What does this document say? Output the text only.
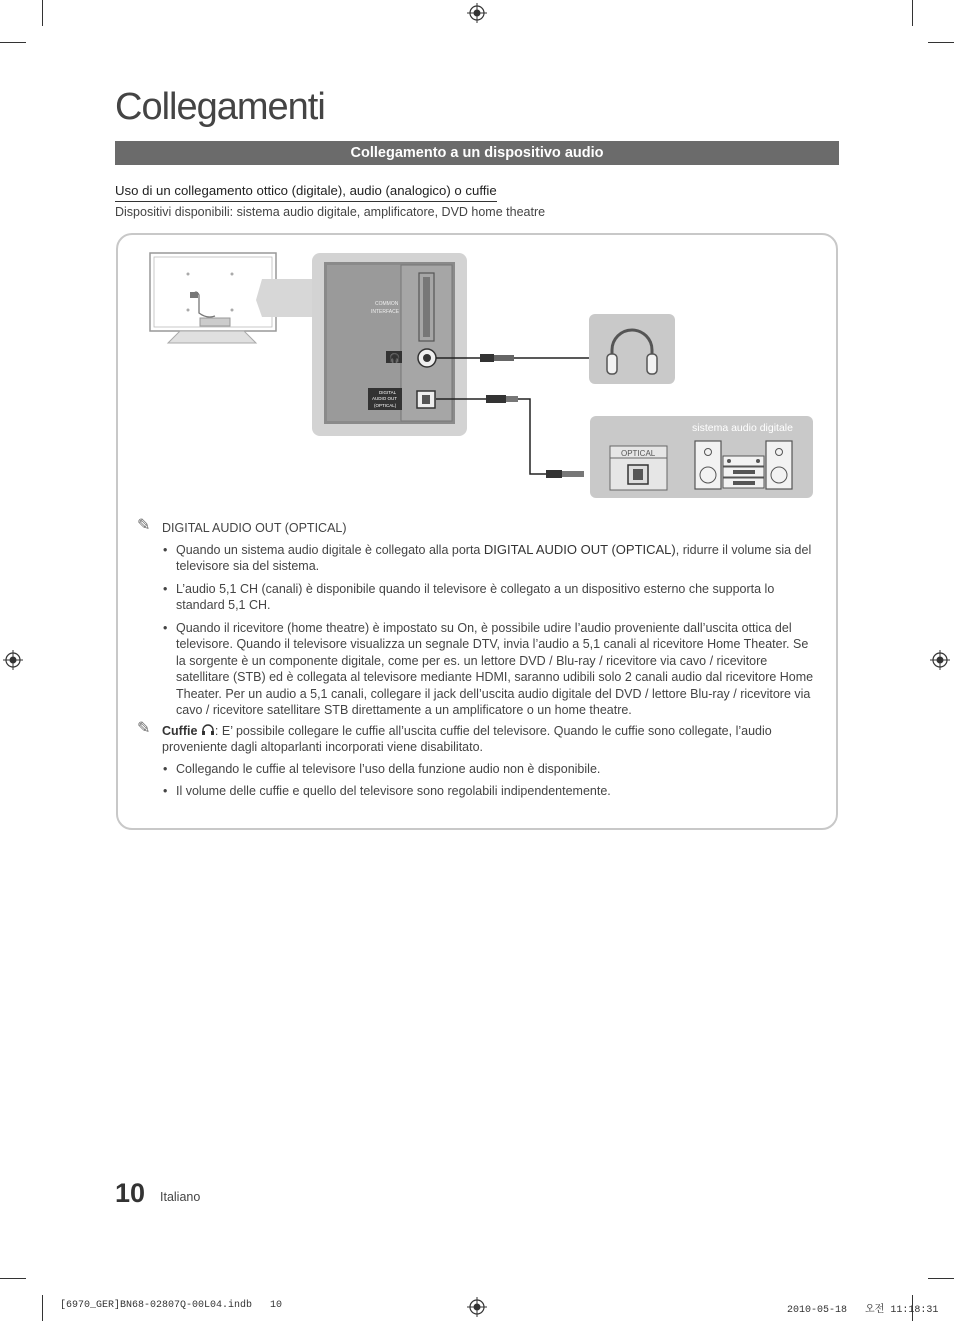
Collegamenti
Collegamento a un dispositivo audio
Uso di un collegamento ottico (digitale), audio (analogico) o cuffie
Dispositivi disponibili: sistema audio digitale, amplificatore, DVD home theatre
COMMON
INTERFACE
🎧
DIGITAL
AUDIO OUT
(OPTICAL)
sistema audio digitale
OPTICAL
✎ DIGITAL AUDIO OUT (OPTICAL)
• Quando un sistema audio digitale è collegato alla porta DIGITAL AUDIO OUT (OPTICAL), ridurre il volume sia del televisore sia del sistema.
• L’audio 5,1 CH (canali) è disponibile quando il televisore è collegato a un dispositivo esterno che supporta lo standard 5,1 CH.
• Quando il ricevitore (home theatre) è impostato su On, è possibile udire l’audio proveniente dall’uscita ottica del televisore. Quando il televisore visualizza un segnale DTV, invia l’audio a 5,1 canali al ricevitore Home Theater. Se la sorgente è un componente digitale, come per es. un lettore DVD / Blu-ray / ricevitore via cavo / ricevitore satellitare (STB) ed è collegata al televisore mediante HDMI, saranno udibili solo 2 canali audio dal ricevitore Home Theater. Per un audio a 5,1 canali, collegare il jack dell’uscita audio digitale del DVD / lettore Blu-ray / ricevitore via cavo / ricevitore satellitare STB direttamente a un amplificatore o un home theatre.
✎ Cuffie : E’ possibile collegare le cuffie all’uscita cuffie del televisore. Quando le cuffie sono collegate, l’audio proveniente dagli altoparlanti incorporati viene disabilitato.
• Collegando le cuffie al televisore l’uso della funzione audio non è disponibile.
• Il volume delle cuffie e quello del televisore sono regolabili indipendentemente.
10 Italiano
[6970_GER]BN68-02807Q-00L04.indb   10	2010-05-18   오전 11:18:31
